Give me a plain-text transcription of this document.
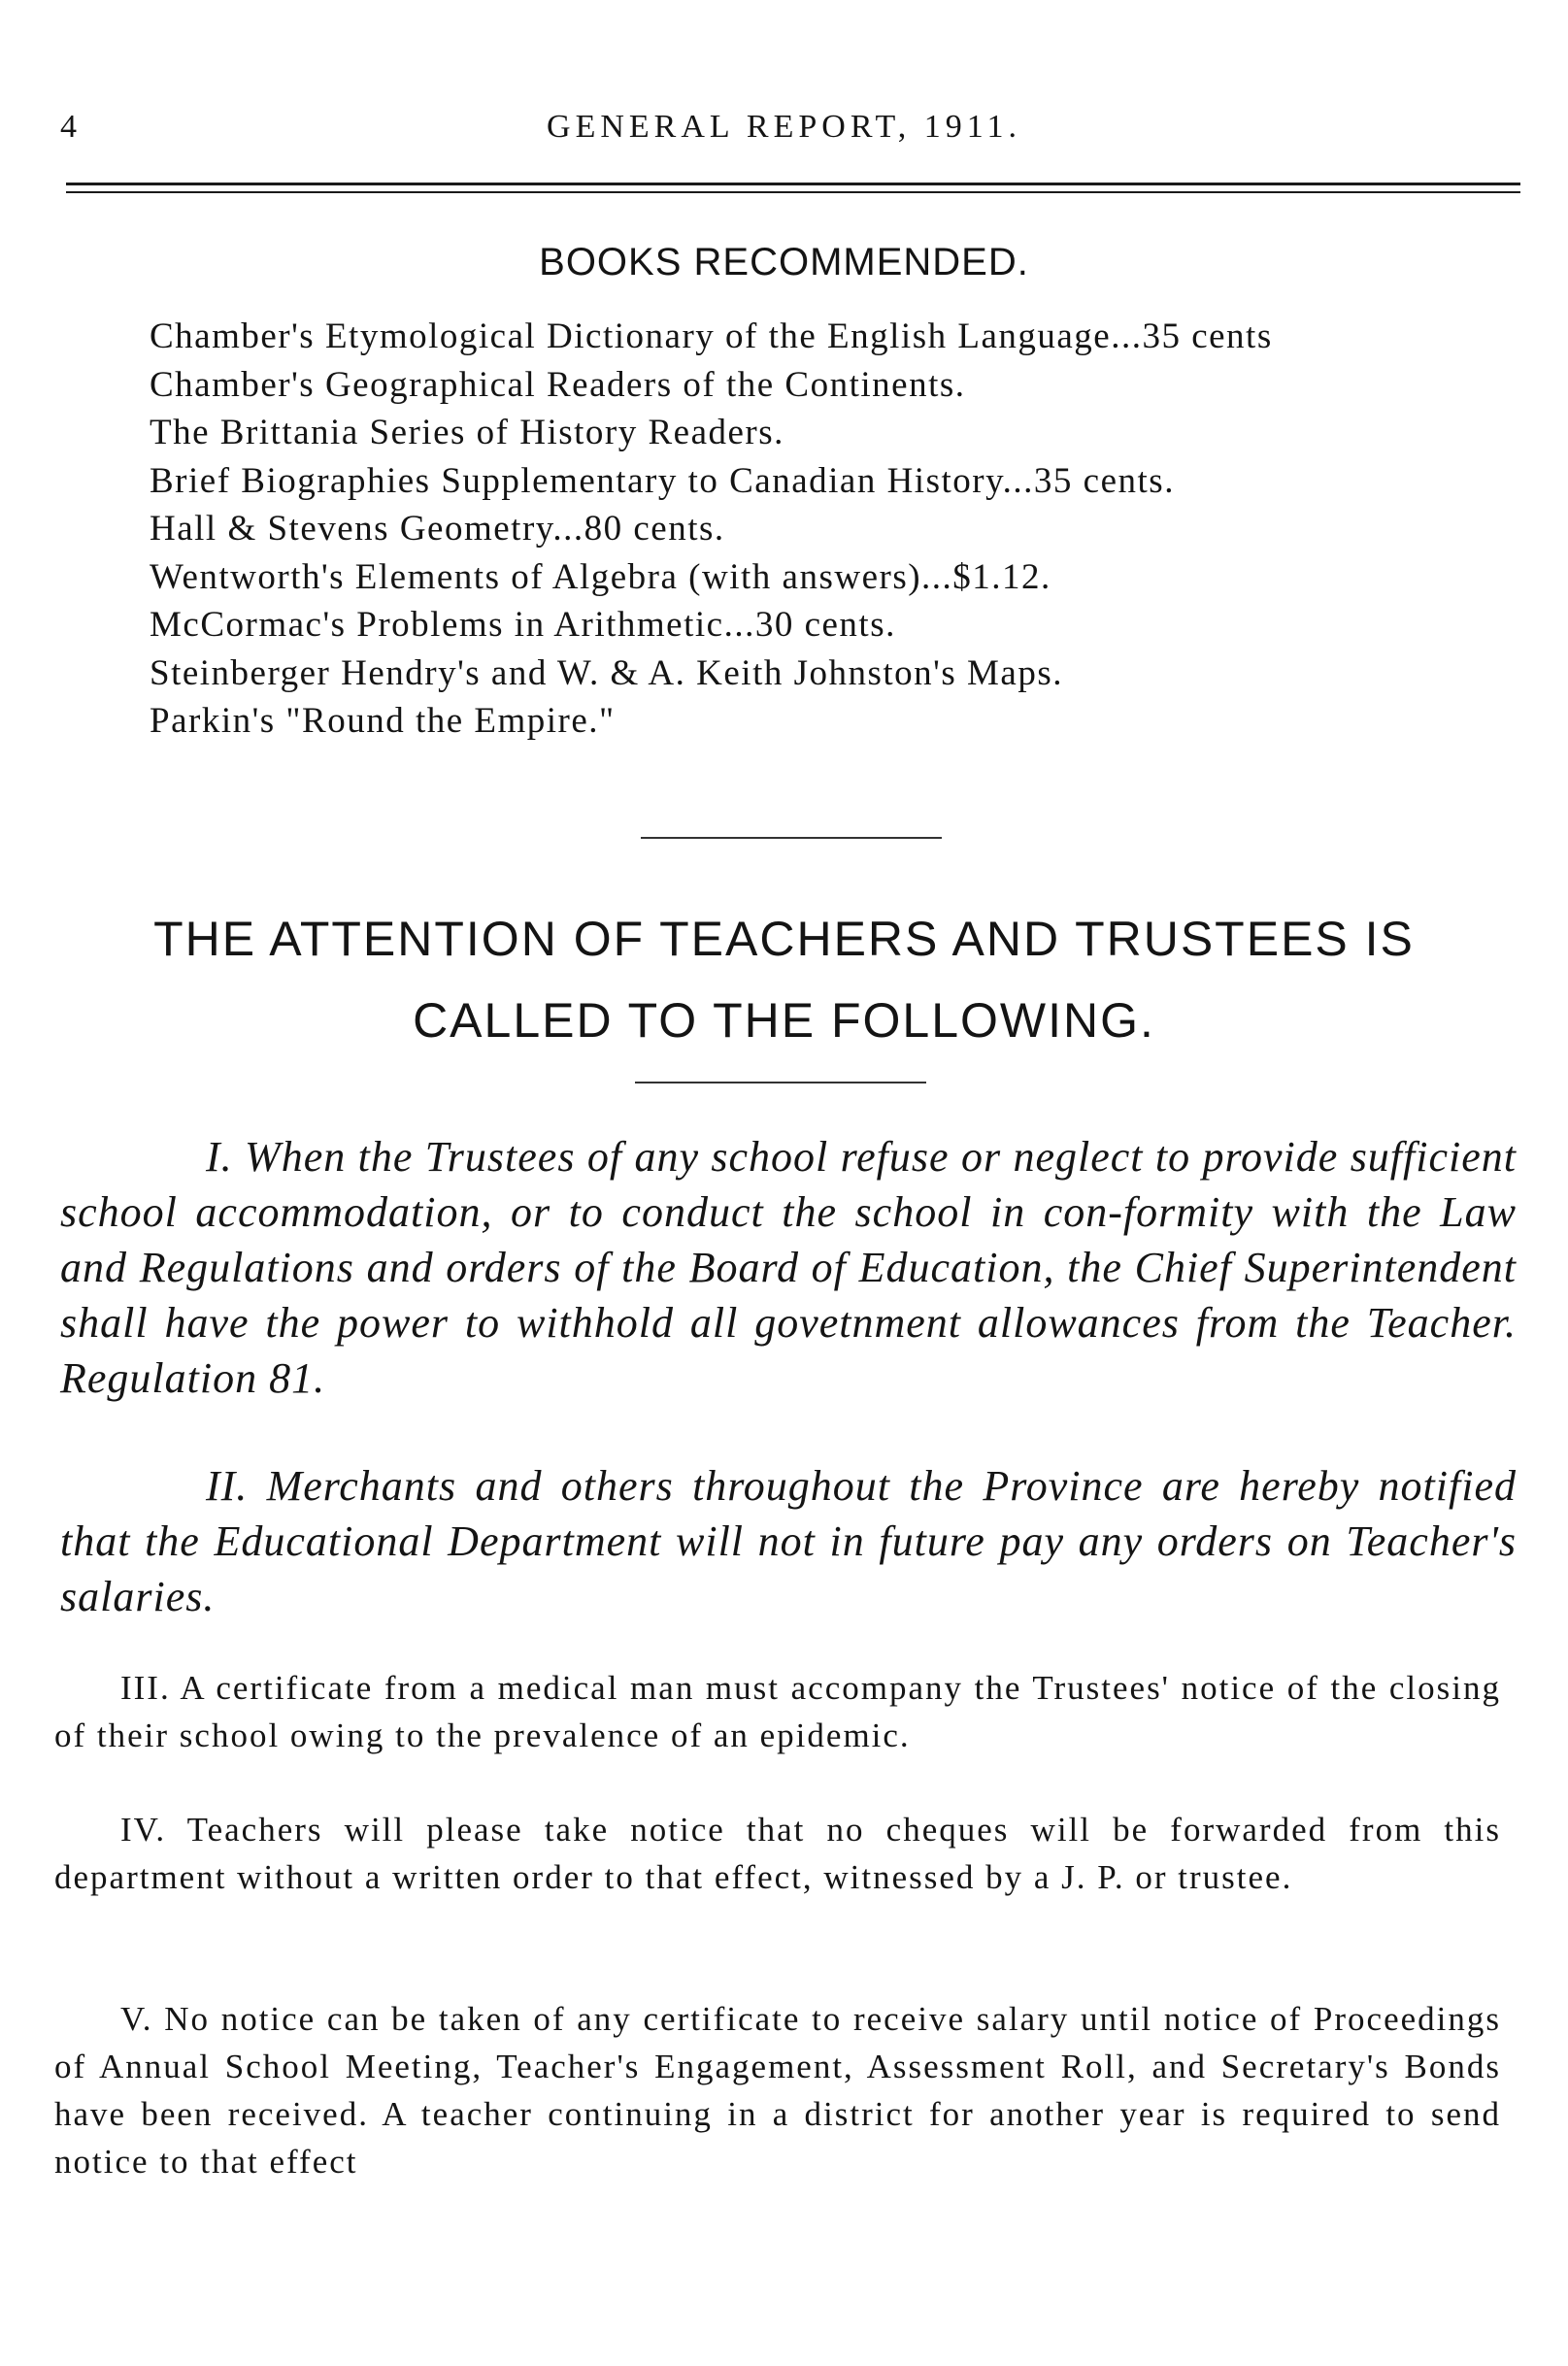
4	GENERAL REPORT, 1911.
BOOKS RECOMMENDED.
Chamber's Etymological Dictionary of the English Language...35 cents
Chamber's Geographical Readers of the Continents.
The Brittania Series of History Readers.
Brief Biographies Supplementary to Canadian History...35 cents.
Hall & Stevens Geometry...80 cents.
Wentworth's Elements of Algebra (with answers)...$1.12.
McCormac's Problems in Arithmetic...30 cents.
Steinberger Hendry's and W. & A. Keith Johnston's Maps.
Parkin's "Round the Empire."
THE ATTENTION OF TEACHERS AND TRUSTEES IS
CALLED TO THE FOLLOWING.

I. When the Trustees of any school refuse or neglect to provide sufficient school accommodation, or to conduct the school in con-formity with the Law and Regulations and orders of the Board of Education, the Chief Superintendent shall have the power to withhold all govetnment allowances from the Teacher. Regulation 81.

II. Merchants and others throughout the Province are hereby notified that the Educational Department will not in future pay any orders on Teacher's salaries.

III. A certificate from a medical man must accompany the Trustees' notice of the closing of their school owing to the prevalence of an epidemic.

IV. Teachers will please take notice that no cheques will be forwarded from this department without a written order to that effect, witnessed by a J. P. or trustee.

V. No notice can be taken of any certificate to receive salary until notice of Proceedings of Annual School Meeting, Teacher's Engagement, Assessment Roll, and Secretary's Bonds have been received. A teacher continuing in a district for another year is required to send notice to that effect
